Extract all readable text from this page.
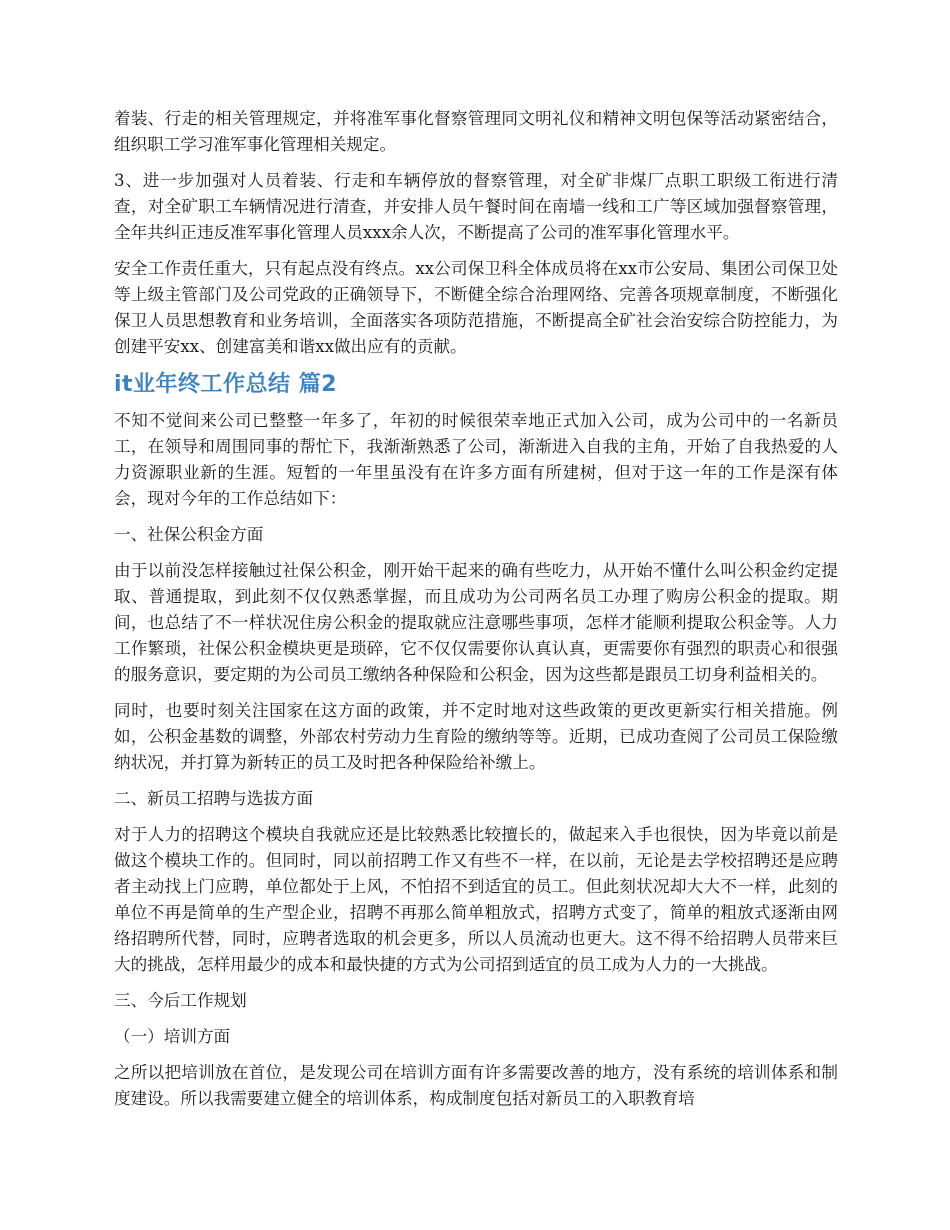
着装、行走的相关管理规定，并将准军事化督察管理同文明礼仪和精神文明包保等活动紧密结合，组织职工学习准军事化管理相关规定。

3、进一步加强对人员着装、行走和车辆停放的督察管理，对全矿非煤厂点职工职级工衔进行清查，对全矿职工车辆情况进行清查，并安排人员午餐时间在南墙一线和工广等区域加强督察管理，全年共纠正违反准军事化管理人员xxx余人次，不断提高了公司的准军事化管理水平。

安全工作责任重大，只有起点没有终点。xx公司保卫科全体成员将在xx市公安局、集团公司保卫处等上级主管部门及公司党政的正确领导下，不断健全综合治理网络、完善各项规章制度，不断强化保卫人员思想教育和业务培训，全面落实各项防范措施，不断提高全矿社会治安综合防控能力，为创建平安xx、创建富美和谐xx做出应有的贡献。

it业年终工作总结 篇2

不知不觉间来公司已整整一年多了，年初的时候很荣幸地正式加入公司，成为公司中的一名新员工，在领导和周围同事的帮忙下，我渐渐熟悉了公司，渐渐进入自我的主角，开始了自我热爱的人力资源职业新的生涯。短暂的一年里虽没有在许多方面有所建树，但对于这一年的工作是深有体会，现对今年的工作总结如下：

一、社保公积金方面

由于以前没怎样接触过社保公积金，刚开始干起来的确有些吃力，从开始不懂什么叫公积金约定提取、普通提取，到此刻不仅仅熟悉掌握，而且成功为公司两名员工办理了购房公积金的提取。期间，也总结了不一样状况住房公积金的提取就应注意哪些事项，怎样才能顺利提取公积金等。人力工作繁琐，社保公积金模块更是琐碎，它不仅仅需要你认真认真，更需要你有强烈的职责心和很强的服务意识，要定期的为公司员工缴纳各种保险和公积金，因为这些都是跟员工切身利益相关的。

同时，也要时刻关注国家在这方面的政策，并不定时地对这些政策的更改更新实行相关措施。例如，公积金基数的调整，外部农村劳动力生育险的缴纳等等。近期，已成功查阅了公司员工保险缴纳状况，并打算为新转正的员工及时把各种保险给补缴上。

二、新员工招聘与选拔方面

对于人力的招聘这个模块自我就应还是比较熟悉比较擅长的，做起来入手也很快，因为毕竟以前是做这个模块工作的。但同时，同以前招聘工作又有些不一样，在以前，无论是去学校招聘还是应聘者主动找上门应聘，单位都处于上风，不怕招不到适宜的员工。但此刻状况却大大不一样，此刻的单位不再是简单的生产型企业，招聘不再那么简单粗放式，招聘方式变了，简单的粗放式逐渐由网络招聘所代替，同时，应聘者选取的机会更多，所以人员流动也更大。这不得不给招聘人员带来巨大的挑战，怎样用最少的成本和最快捷的方式为公司招到适宜的员工成为人力的一大挑战。

三、今后工作规划

（一）培训方面

之所以把培训放在首位，是发现公司在培训方面有许多需要改善的地方，没有系统的培训体系和制度建设。所以我需要建立健全的培训体系，构成制度包括对新员工的入职教育培
